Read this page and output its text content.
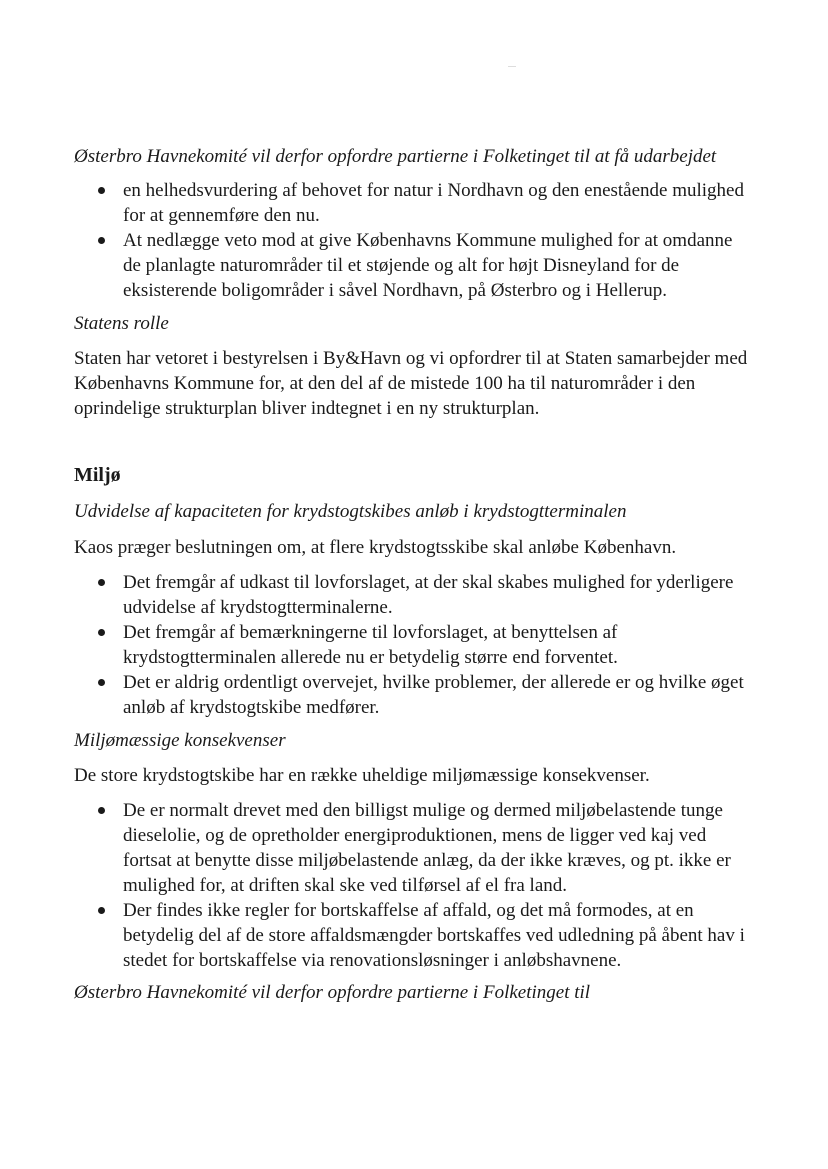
Østerbro Havnekomité vil derfor opfordre partierne i Folketinget til at få udarbejdet
en helhedsvurdering af behovet for natur i Nordhavn og den enestående mulighed for at gennemføre den nu.
At nedlægge veto mod at give Københavns Kommune mulighed for at omdanne de planlagte naturområder til et støjende og alt for højt Disneyland for de eksisterende boligområder i såvel Nordhavn, på Østerbro og i Hellerup.
Statens rolle
Staten har vetoret i bestyrelsen i By&Havn og vi opfordrer til at Staten samarbejder med Københavns Kommune for, at den del af de mistede 100 ha til naturområder i den oprindelige strukturplan bliver indtegnet i en ny strukturplan.
Miljø
Udvidelse af kapaciteten for krydstogtskibes anløb i krydstogtterminalen
Kaos præger beslutningen om, at flere krydstogtsskibe skal anløbe København.
Det fremgår af udkast til lovforslaget, at der skal skabes mulighed for yderligere udvidelse af krydstogtterminalerne.
Det fremgår af bemærkningerne til lovforslaget, at benyttelsen af krydstogtterminalen allerede nu er betydelig større end forventet.
Det er aldrig ordentligt overvejet, hvilke problemer, der allerede er og hvilke øget anløb af krydstogtskibe medfører.
Miljømæssige konsekvenser
De store krydstogtskibe har en række uheldige miljømæssige konsekvenser.
De er normalt drevet med den billigst mulige og dermed miljøbelastende tunge dieselolie, og de opretholder energiproduktionen, mens de ligger ved kaj ved fortsat at benytte disse miljøbelastende anlæg, da der ikke kræves, og pt. ikke er mulighed for, at driften skal ske ved tilførsel af el fra land.
Der findes ikke regler for bortskaffelse af affald, og det må formodes, at en betydelig del af de store affaldsmængder bortskaffes ved udledning på åbent hav i stedet for bortskaffelse via renovationsløsninger i anløbshavnene.
Østerbro Havnekomité vil derfor opfordre partierne i Folketinget til
